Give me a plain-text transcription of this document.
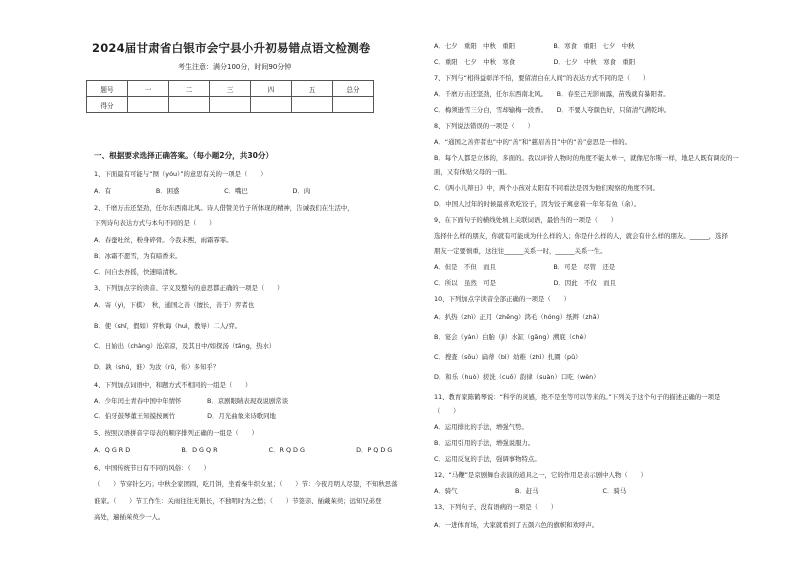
2024届甘肃省白银市会宁县小升初易错点语文检测卷
考生注意：满分100分，时间90分钟
题号	一	二	三	四	五	总分
得分						
一、根据要求选择正确答案。（每小题2分，共30分）
1、下面最有可能与“囫（yóu）”的意思有关的一项是（　　）
A．有　　　　　　　B．困惑　　　　　　　C．嘴巴　　　　　　　D．肉
2、千磨万击还坚劲，任尔东西南北风。诗人借赞美竹子所体现的精神，告诫我们在生活中，
下列诗句表达方式与本句不同的是（　　）
A．春蚕吐丝，粉身碎骨。今我未熙，雨霜霏霏。
B．冰霜不愿雪，为有暗香来。
C．问自去吾摇，快速暗清秋。
3、下列加点字的读音、字义及整句的意思都正确的一项是（　　）
A．寄（yì，下棋）　秋，通国之善（擅长，善于）弈者也
B．使（shǐ，假如）弈秋诲（huì，教导）二人/弈。
C．日始出（chàng）沧凉凉，及其日中/如探汤（tāng，热水）
D．孰（shú，谁）为汝（rǔ，你）多知乎？
4、下列加点词语中，和题方式不相同的一组是（　　）
A．少年闰土青春中国中年情怀　　　　B．京剧眼睛表现戏说剧常谈
C．伯牙鼓琴董王知摸按画竹　　　　　D．月光曲象来诗歌同地
5、按照汉语拼音字母表的顺序排列正确的一组是（　　）
A．Q G R D　　　　　　　　B．D G Q R　　　　　　　　C．R Q D G　　　　　　　　D．P Q D G
6、中国传统节日有不同的风俗：（　　）
（　　）节穿针乞巧；中秋全家团圆，吃月饼，坐看秦牛织女星；（　　）节：今夜月明人尽望，不知秋思落
谁家。（　　）节工作生：关雨往往无限长，不独明时为之愁；（　　）节签亲、插戴茱萸；远知兄弟登
高处，遍插茱萸少一人。
A．七夕　重阳　中秋　重阳　　　　　　B．寒食　重阳　七夕　中秋
C．重阳　七夕　中秋　寒食　　　　　　D．七夕　中秋　寒食　重阳
7、下列与“相得益彰洋不怕，要留清白在人间”的表达方式不同的是（　　）
A．千磨万击还坚劲，任尔东西南北风。　　B．春至己无影雨露，苗残就有暴阳者。
C．梅须逊雪三分白，雪却输梅一段香。　　D．不要人夸颜色好，只留清气满乾坤。
8、下列说法错误的一项是（　　）
A．“通国之善弈者也”中的“善”和“慈眉善目”中的“善”意思是一样的。
B．每个人都是立体的，多面的。我以评价人物时的角度不能太单一，就像尼尔斯一样，地是人既有调皮的一
面，又有体贴父母的一面。
C．《两小儿辩日》中，两个小孩对太阳有不同看法是因为他们观察的角度不同。
D．中国人过年的时候最喜欢吃饺子，因为饺子寓意着一年年有鱼（余）。
9、在下面句子的横线处填上关联词语，最恰当的一项是（　　）
选择什么样的朋友，你就有可能成为什么样的人；你是什么样的人，就会有什么样的朋友。______，选择
朋友一定要慎重，这往往______关系一时，______关系一生。
A．但是　不但　而且　　　　　　　　　B．可是　尽管　还是
C．所以　虽然　可是　　　　　　　　　D．因此　不仅　而且
10、下列加点字读音全部正确的一项是（　　）
A．扒热（zhì）正月（zhēng）鸿毛（hóng）纸辫（zhā）
B．宴会（yàn）白胎（jì）水缸（gāng）溯底（chè）
C．搜査（sōu）扁蒂（bì）幼稚（zhì）扎圈（pǔ）
D．和乐（huò）搓洗（cuō）韵律（suàn）口吃（wèn）
11、教育家陈鹤琴说：“科学的灵感，绝不是坐等可以等来的。”下列关于这个句子的描述正确的一项是
（　　）
A．运用排比的手法，增强气势。
B．运用引用的手法，增强说服力。
C．运用反复的手法，强调事物特点。
12、“马鞭”是京剧舞台表演的道具之一，它的作用是表示剧中人物（　　）
A．骑气　　　　　　　　　B．赶马　　　　　　　　　　C．骑马
13、下列句子，没有语病的一项是（　　）
A．一进体育场，大家就看到了五颜六色的旗帜和欢呼声。
